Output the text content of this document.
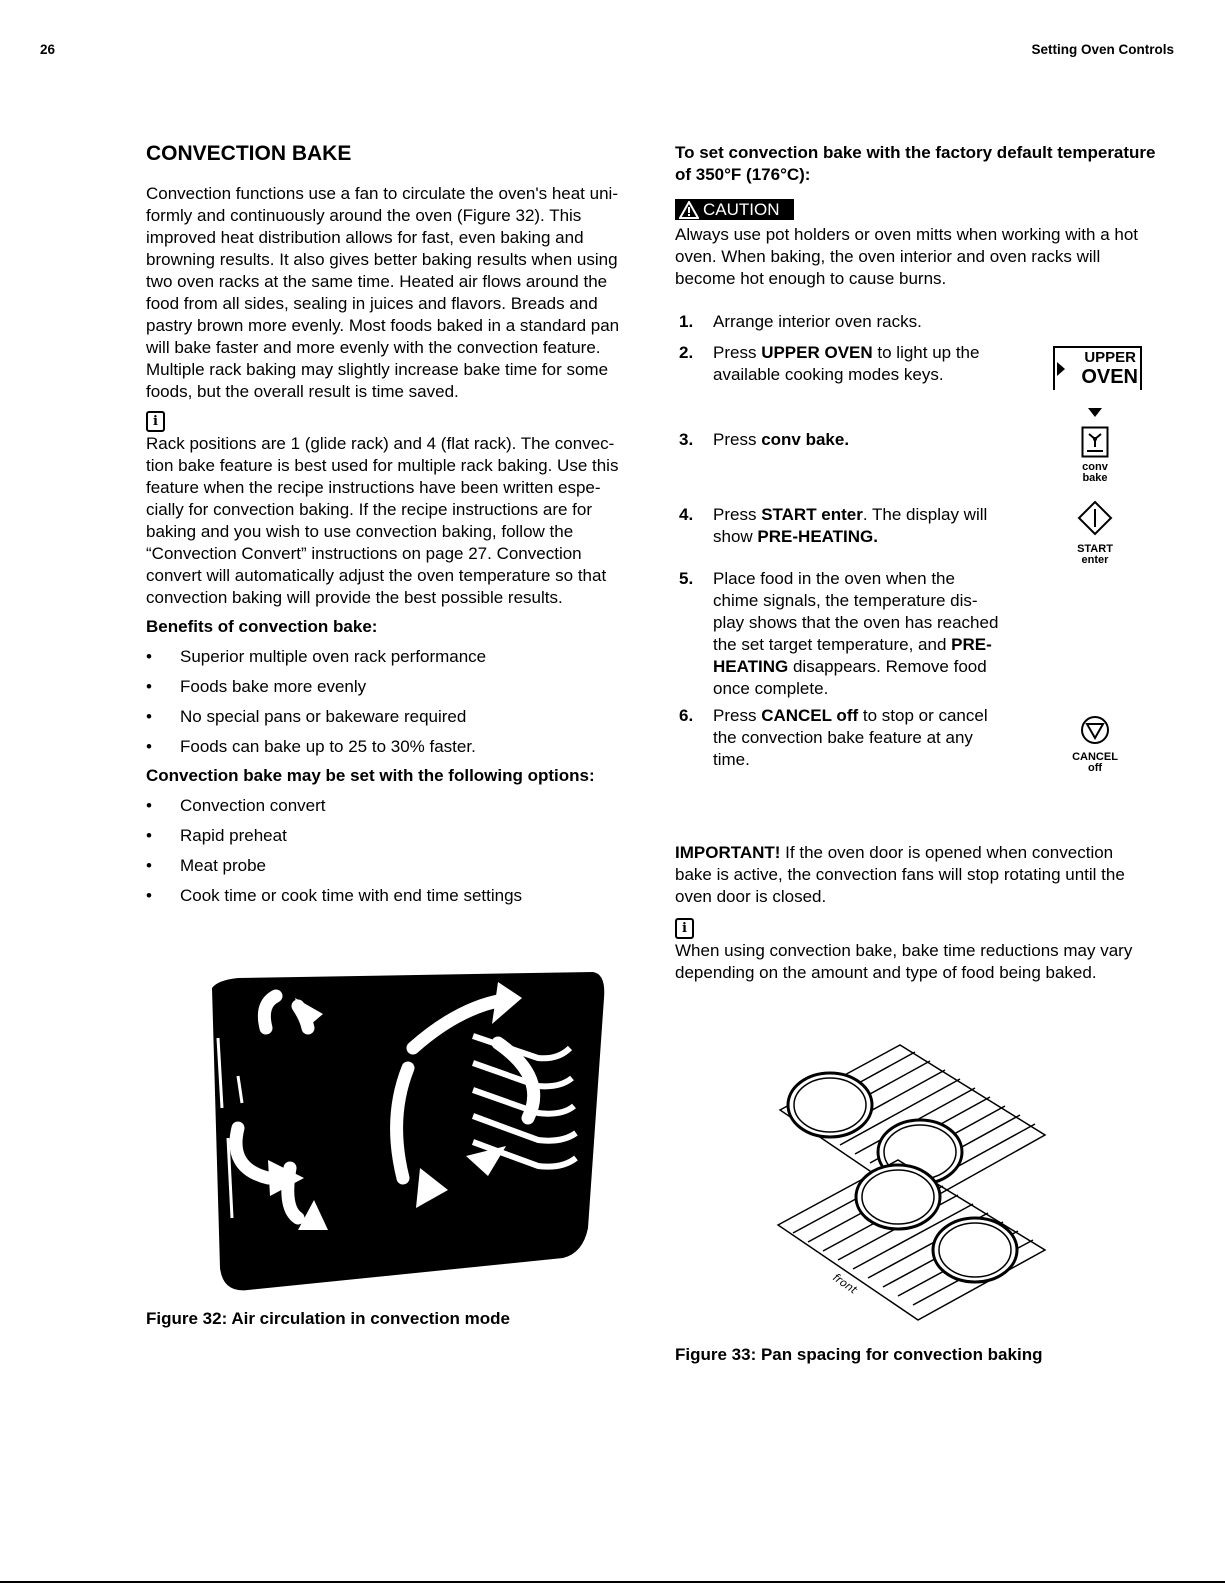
26	Setting Oven Controls
CONVECTION BAKE
Convection functions use a fan to circulate the oven's heat uni-
formly and continuously around the oven (Figure 32). This
improved heat distribution allows for fast, even baking and
browning results. It also gives better baking results when using
two oven racks at the same time. Heated air flows around the
food from all sides, sealing in juices and flavors. Breads and
pastry brown more evenly. Most foods baked in a standard pan
will bake faster and more evenly with the convection feature.
Multiple rack baking may slightly increase bake time for some
foods, but the overall result is time saved.
i
Rack positions are 1 (glide rack) and 4 (flat rack). The convec-
tion bake feature is best used for multiple rack baking. Use this
feature when the recipe instructions have been written espe-
cially for convection baking. If the recipe instructions are for
baking and you wish to use convection baking, follow the
“Convection Convert” instructions on page 27. Convection
convert will automatically adjust the oven temperature so that
convection baking will provide the best possible results.
Benefits of convection bake:
• Superior multiple oven rack performance
• Foods bake more evenly
• No special pans or bakeware required
• Foods can bake up to 25 to 30% faster.
Convection bake may be set with the following options:
• Convection convert
• Rapid preheat
• Meat probe
• Cook time or cook time with end time settings
Figure 32: Air circulation in convection mode
To set convection bake with the factory default temperature
of 350°F (176°C):
CAUTION
Always use pot holders or oven mitts when working with a hot
oven. When baking, the oven interior and oven racks will
become hot enough to cause burns.
1. Arrange interior oven racks.
2. Press UPPER OVEN to light up the
available cooking modes keys.
3. Press conv bake.
4. Press START enter. The display will
show PRE-HEATING.
5. Place food in the oven when the
chime signals, the temperature dis-
play shows that the oven has reached
the set target temperature, and PRE-
HEATING disappears. Remove food
once complete.
6. Press CANCEL off to stop or cancel
the convection bake feature at any
time.
UPPER
OVEN
conv
bake
START
enter
CANCEL
off
IMPORTANT! If the oven door is opened when convection
bake is active, the convection fans will stop rotating until the
oven door is closed.
i
When using convection bake, bake time reductions may vary
depending on the amount and type of food being baked.
front
Figure 33: Pan spacing for convection baking
